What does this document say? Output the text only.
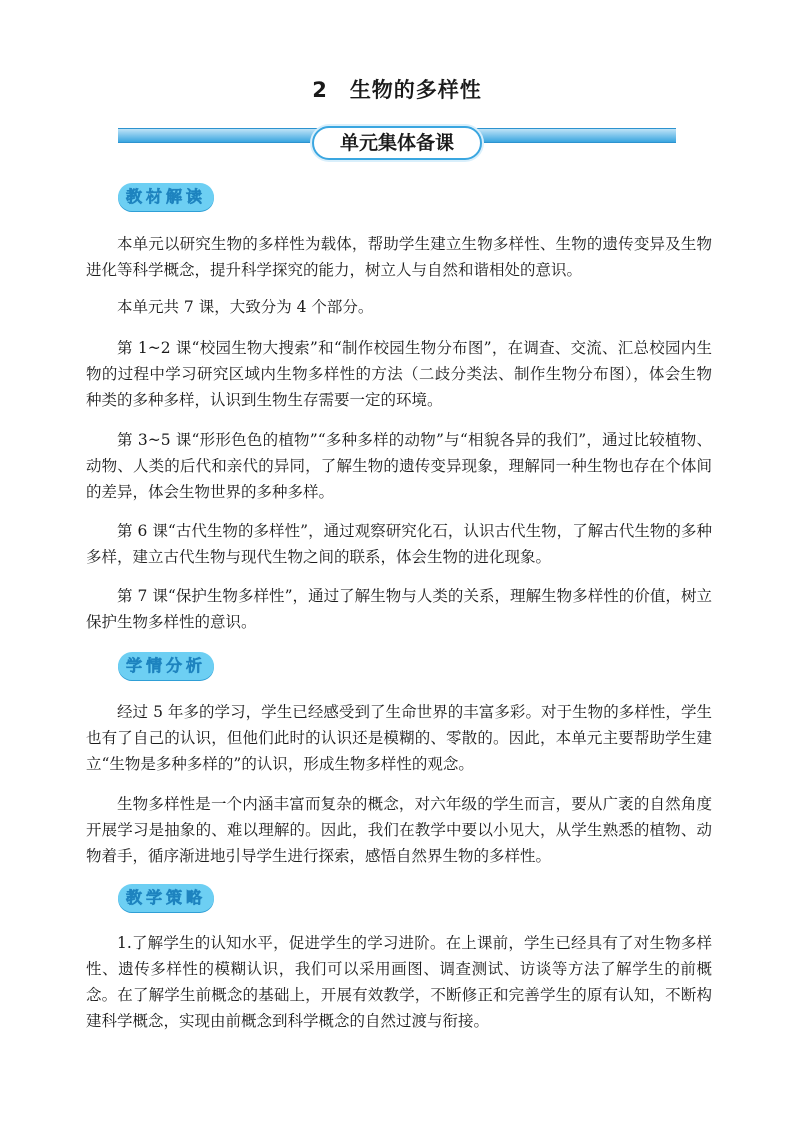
2 生物的多样性
单元集体备课
教材解读

本单元以研究生物的多样性为载体，帮助学生建立生物多样性、生物的遗传变异及生物进化等科学概念，提升科学探究的能力，树立人与自然和谐相处的意识。

本单元共 7 课，大致分为 4 个部分。

第 1~2 课“校园生物大搜索”和“制作校园生物分布图”，在调查、交流、汇总校园内生物的过程中学习研究区域内生物多样性的方法（二歧分类法、制作生物分布图），体会生物种类的多种多样，认识到生物生存需要一定的环境。

第 3~5 课“形形色色的植物”“多种多样的动物”与“相貌各异的我们”，通过比较植物、动物、人类的后代和亲代的异同，了解生物的遗传变异现象，理解同一种生物也存在个体间的差异，体会生物世界的多种多样。

第 6 课“古代生物的多样性”，通过观察研究化石，认识古代生物，了解古代生物的多种多样，建立古代生物与现代生物之间的联系，体会生物的进化现象。

第 7 课“保护生物多样性”，通过了解生物与人类的关系，理解生物多样性的价值，树立保护生物多样性的意识。

学情分析

经过 5 年多的学习，学生已经感受到了生命世界的丰富多彩。对于生物的多样性，学生也有了自己的认识，但他们此时的认识还是模糊的、零散的。因此，本单元主要帮助学生建立“生物是多种多样的”的认识，形成生物多样性的观念。

生物多样性是一个内涵丰富而复杂的概念，对六年级的学生而言，要从广袤的自然角度开展学习是抽象的、难以理解的。因此，我们在教学中要以小见大，从学生熟悉的植物、动物着手，循序渐进地引导学生进行探索，感悟自然界生物的多样性。

教学策略

1.了解学生的认知水平，促进学生的学习进阶。在上课前，学生已经具有了对生物多样性、遗传多样性的模糊认识，我们可以采用画图、调查测试、访谈等方法了解学生的前概念。在了解学生前概念的基础上，开展有效教学，不断修正和完善学生的原有认知，不断构建科学概念，实现由前概念到科学概念的自然过渡与衔接。
